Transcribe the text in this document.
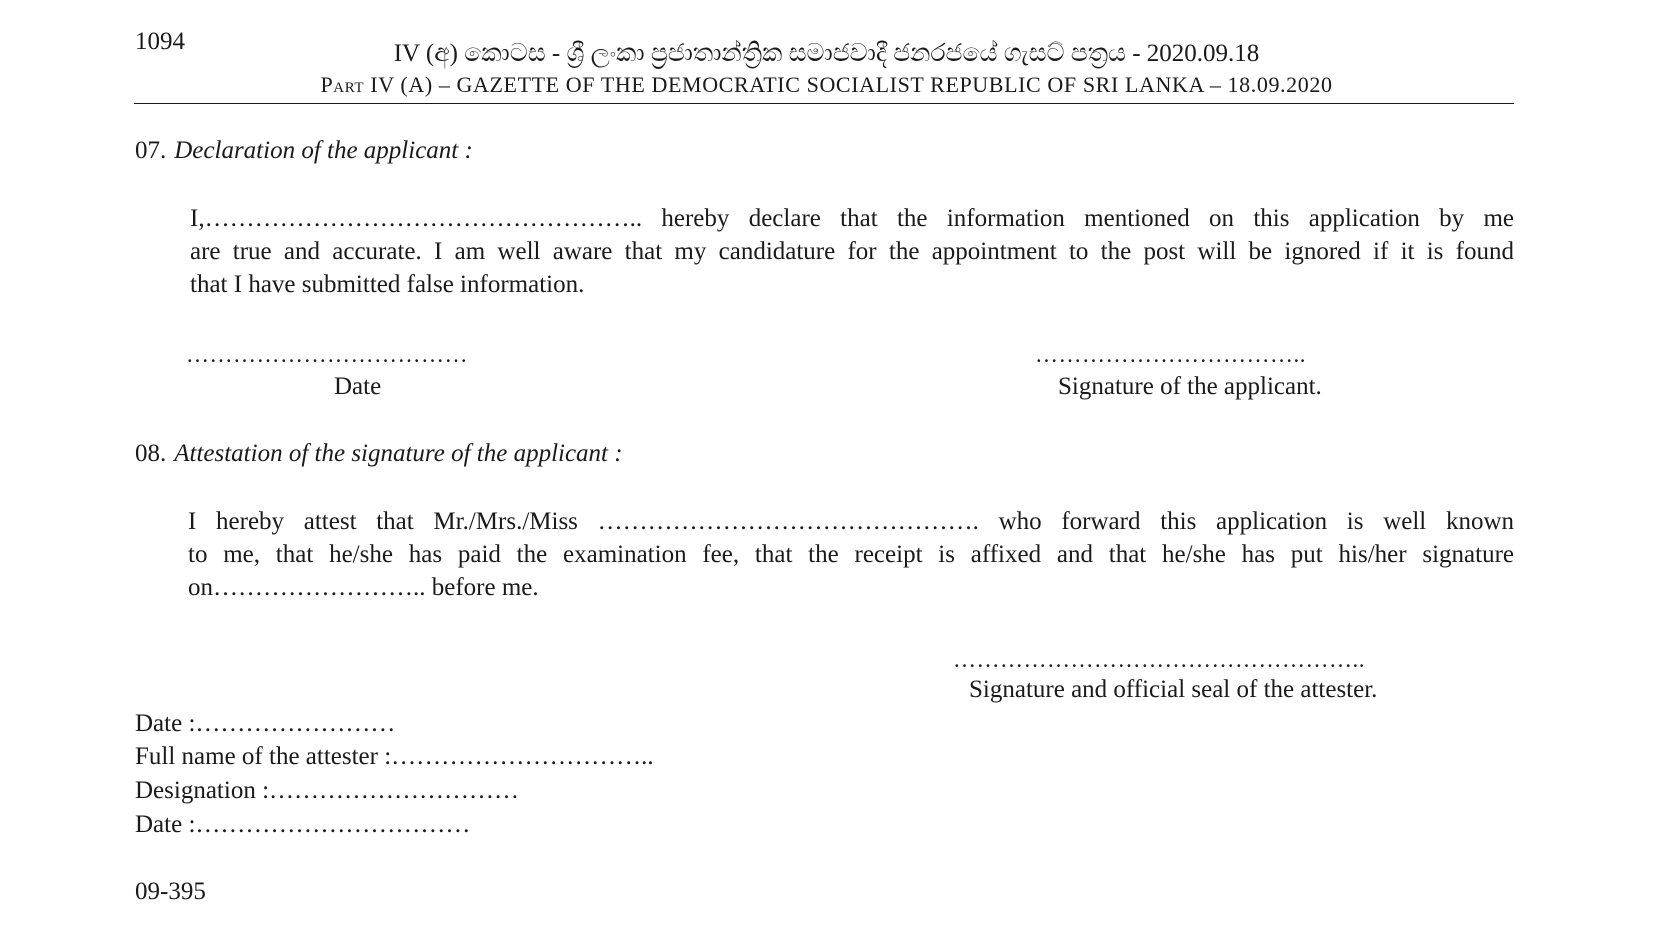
1094	IV (අ) කොටස - ශ්‍රී ලංකා ප්‍රජාතාන්ත්‍රික සමාජවාදී ජනරජයේ ගැසට් පත්‍රය - 2020.09.18
Part IV (A) – GAZETTE OF THE DEMOCRATIC SOCIALIST REPUBLIC OF SRI LANKA – 18.09.2020
07. Declaration of the applicant :
I,…………………………………………….. hereby declare that the information mentioned on this application by me
are true and accurate. I am well aware that my candidature for the appointment to the post will be ignored if it is found
that I have submitted false information.
………………………………
Date
……………………………..
Signature of the applicant.
08. Attestation of the signature of the applicant :
I hereby attest that Mr./Mrs./Miss ………………………………………. who forward this application is well known
to me, that he/she has paid the examination fee, that the receipt is affixed and that he/she has put his/her signature
on…………………….. before me.
……………………………………………..
Signature and official seal of the attester.
Date :……………………
Full name of the attester :…………………………..
Designation :…………………………
Date :……………………………
09-395
